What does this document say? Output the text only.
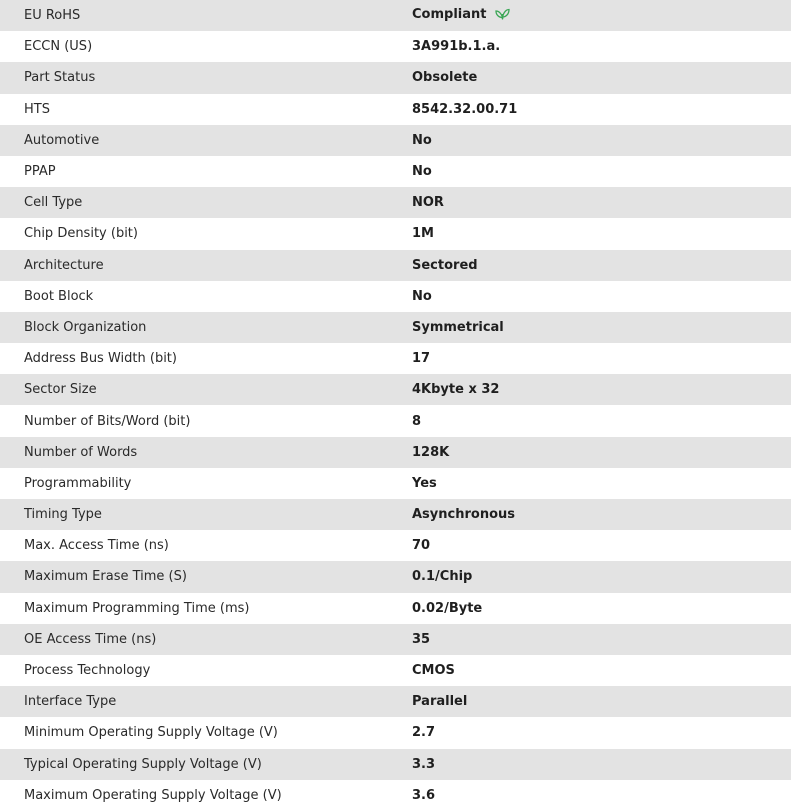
EU RoHS	Compliant
ECCN (US)	3A991b.1.a.
Part Status	Obsolete
HTS	8542.32.00.71
Automotive	No
PPAP	No
Cell Type	NOR
Chip Density (bit)	1M
Architecture	Sectored
Boot Block	No
Block Organization	Symmetrical
Address Bus Width (bit)	17
Sector Size	4Kbyte x 32
Number of Bits/Word (bit)	8
Number of Words	128K
Programmability	Yes
Timing Type	Asynchronous
Max. Access Time (ns)	70
Maximum Erase Time (S)	0.1/Chip
Maximum Programming Time (ms)	0.02/Byte
OE Access Time (ns)	35
Process Technology	CMOS
Interface Type	Parallel
Minimum Operating Supply Voltage (V)	2.7
Typical Operating Supply Voltage (V)	3.3
Maximum Operating Supply Voltage (V)	3.6
